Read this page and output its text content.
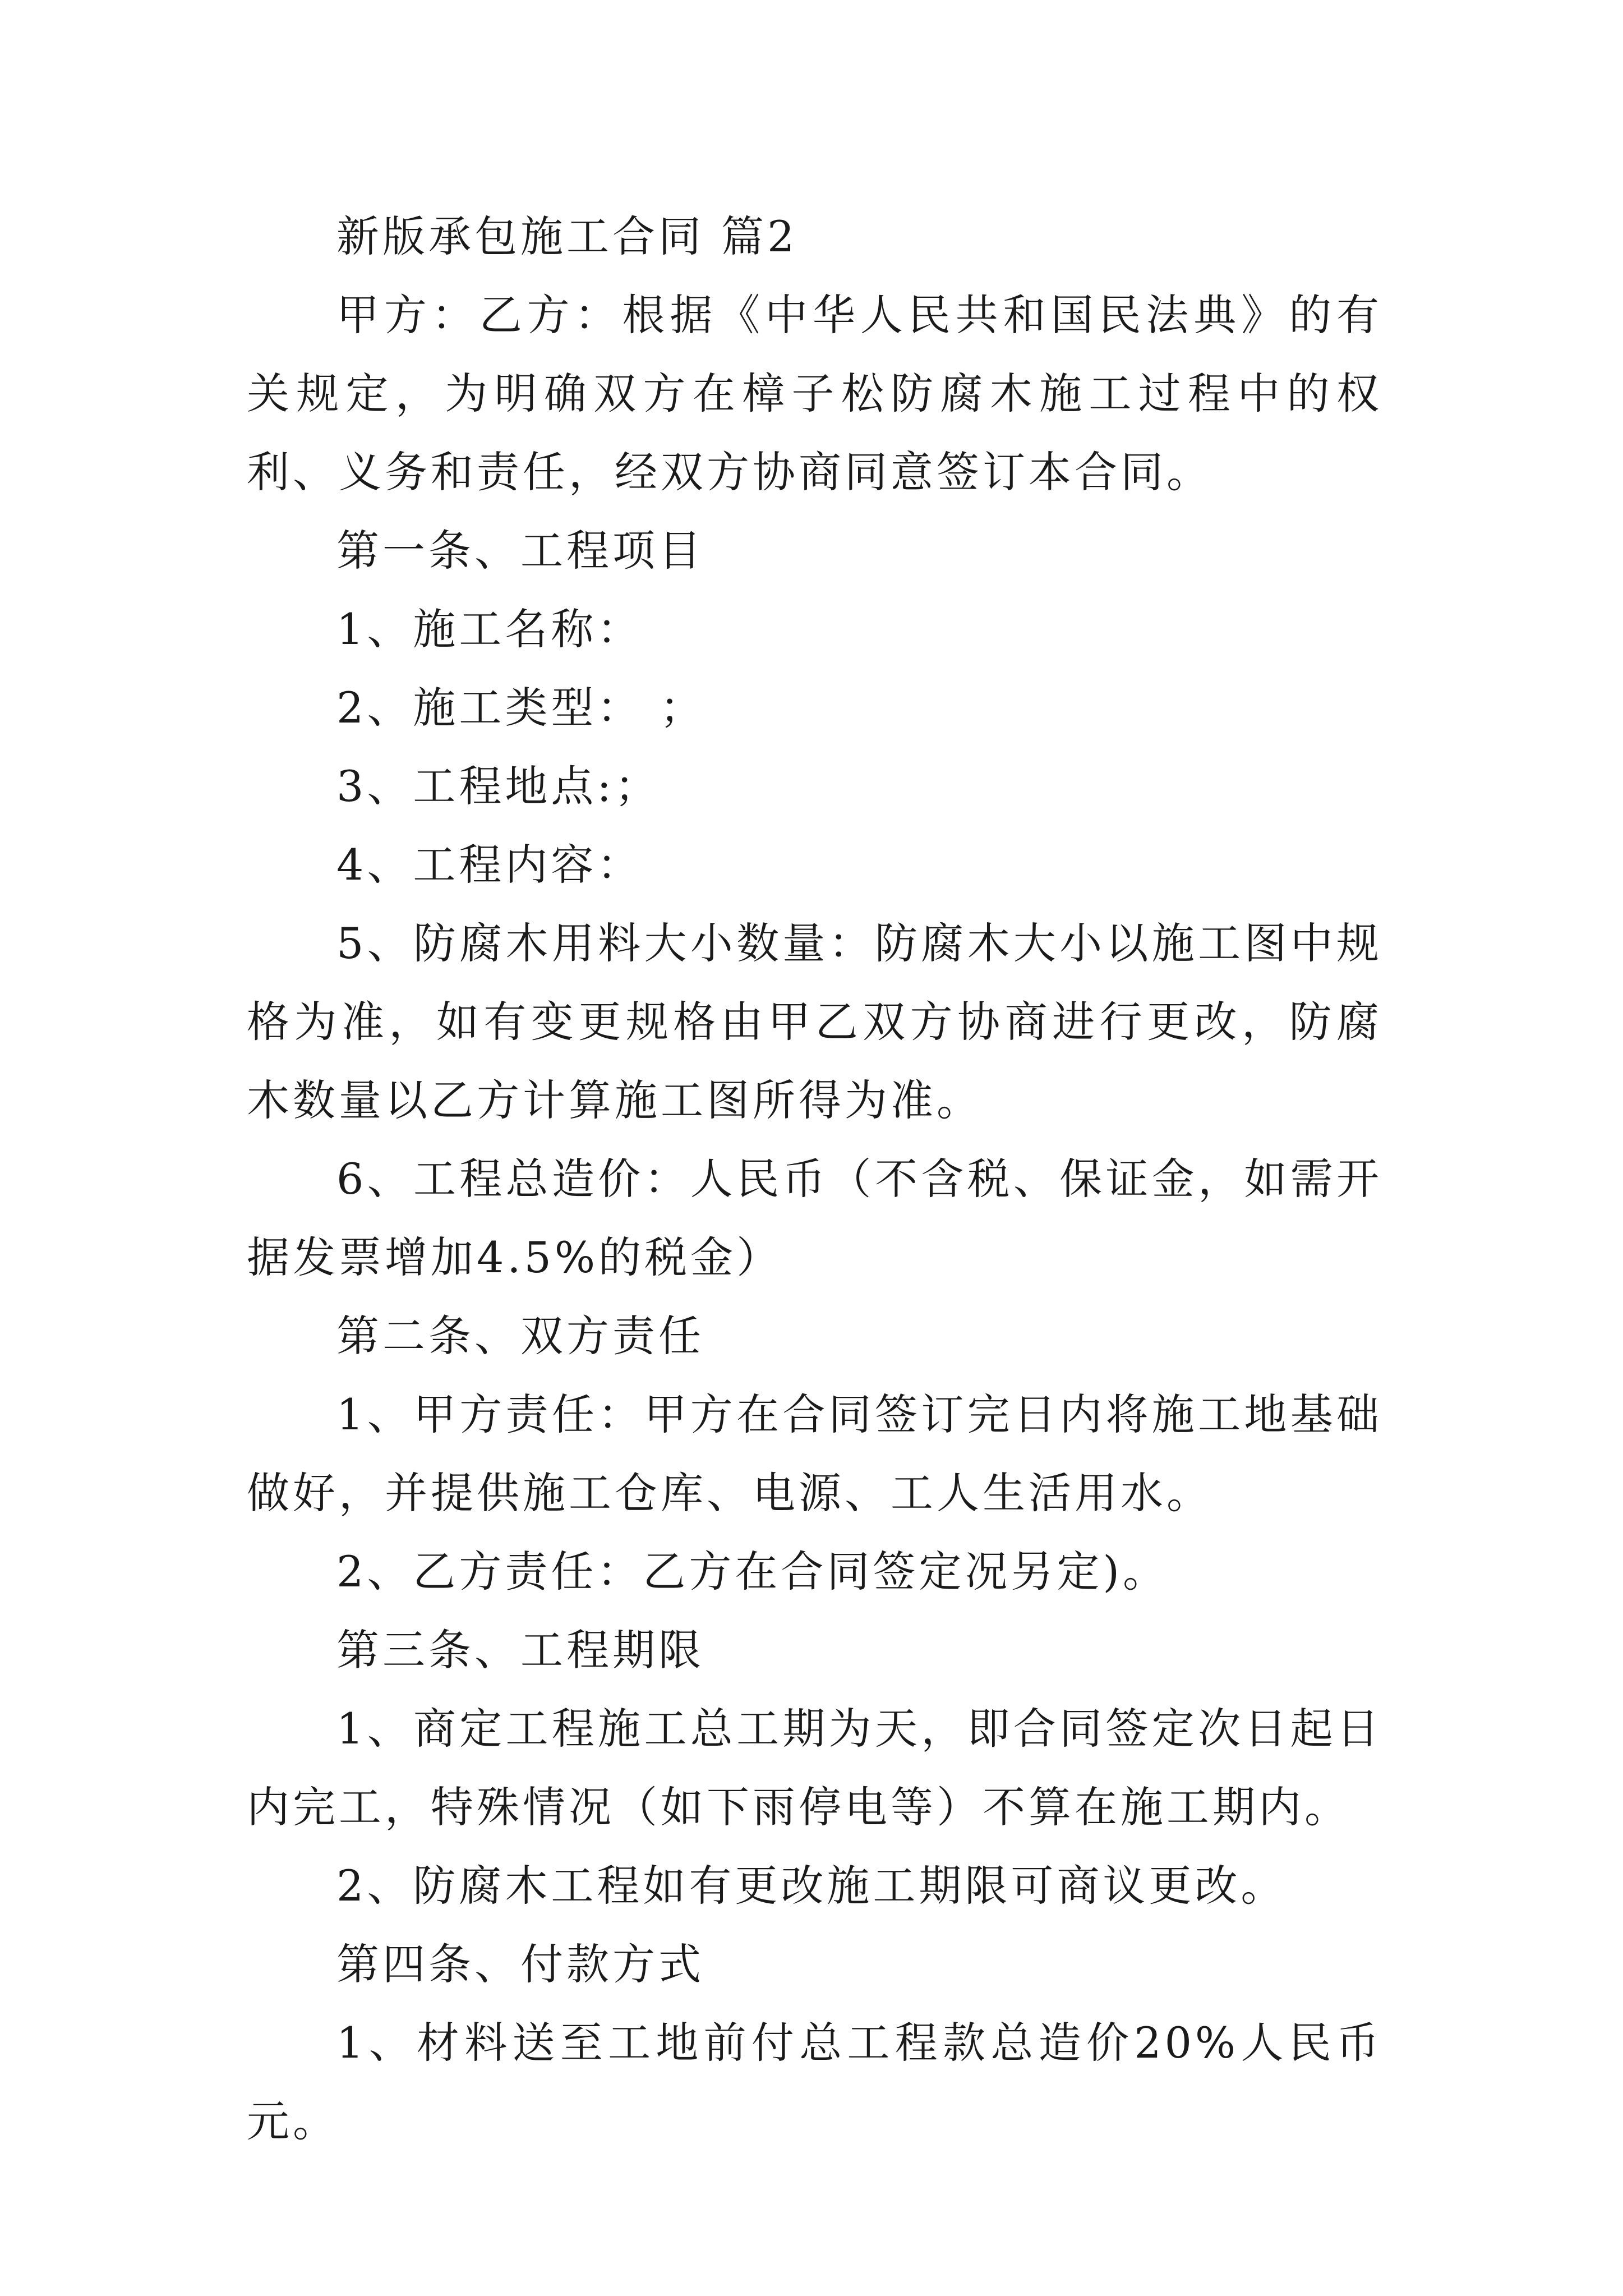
新版承包施工合同 篇2

甲方：乙方：根据《中华人民共和国民法典》的有关规定，为明确双方在樟子松防腐木施工过程中的权利、义务和责任，经双方协商同意签订本合同。

第一条、工程项目

1、施工名称：

2、施工类型： ；

3、工程地点:；

4、工程内容：

5、防腐木用料大小数量：防腐木大小以施工图中规格为准，如有变更规格由甲乙双方协商进行更改，防腐木数量以乙方计算施工图所得为准。

6、工程总造价：人民币（不含税、保证金，如需开据发票增加4.5%的税金）

第二条、双方责任

1、甲方责任：甲方在合同签订完日内将施工地基础做好，并提供施工仓库、电源、工人生活用水。

2、乙方责任：乙方在合同签定况另定)。

第三条、工程期限

1、商定工程施工总工期为天，即合同签定次日起日内完工，特殊情况（如下雨停电等）不算在施工期内。

2、防腐木工程如有更改施工期限可商议更改。

第四条、付款方式

1、材料送至工地前付总工程款总造价20%人民币 元。
